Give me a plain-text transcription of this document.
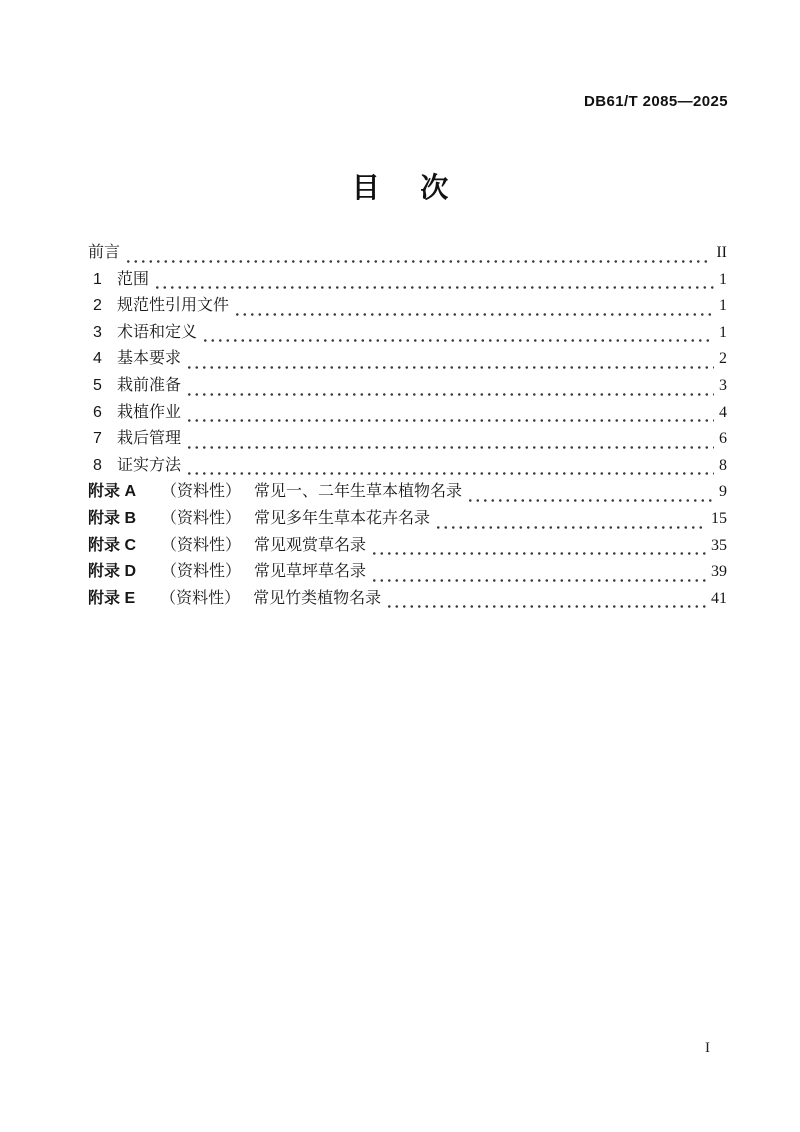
DB61/T 2085—2025
目次
前言	II
1 范围	1
2 规范性引用文件	1
3 术语和定义	1
4 基本要求	2
5 栽前准备	3
6 栽植作业	4
7 栽后管理	6
8 证实方法	8
附录 A （资料性） 常见一、二年生草本植物名录	9
附录 B （资料性） 常见多年生草本花卉名录	15
附录 C （资料性） 常见观赏草名录	35
附录 D （资料性） 常见草坪草名录	39
附录 E （资料性） 常见竹类植物名录	41
I
